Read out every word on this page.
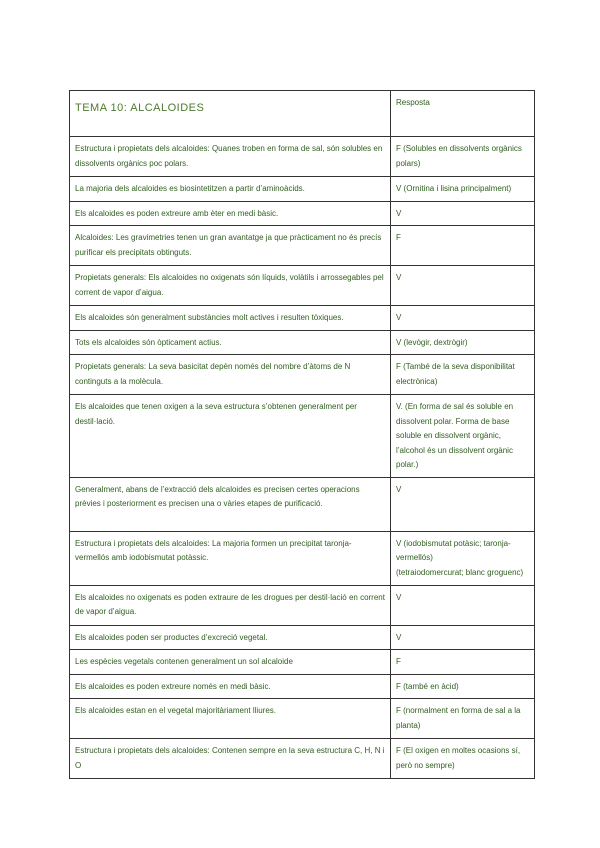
TEMA 10: ALCALOIDES	Resposta
Estructura i propietats dels alcaloides: Quanes troben en forma de sal, són solubles en dissolvents orgànics poc polars.	F (Solubles en dissolvents orgànics polars)
La majoria dels alcaloides es biosintetitzen a partir d’aminoàcids.	V (Ornitina i lisina principalment)
Els alcaloides es poden extreure amb èter en medi bàsic.	V
Alcaloides: Les gravimetries tenen un gran avantatge ja que pràcticament no és precís purificar els precipitats obtinguts.	F
Propietats generals: Els alcaloides no oxigenats són líquids, volàtils i arrossegables pel corrent de vapor d’aigua.	V
Els alcaloides són generalment substàncies molt actives i resulten tòxiques.	V
Tots els alcaloides són òpticament actius.	V (levògir, dextrògir)
Propietats generals: La seva basicitat depèn només del nombre d’àtoms de N continguts a la molècula.	F (També de la seva disponibilitat electrònica)
Els alcaloides que tenen oxigen a la seva estructura s’obtenen generalment per destil·lació.	V. (En forma de sal és soluble en dissolvent polar. Forma de base soluble en dissolvent orgànic, l’alcohol és un dissolvent orgànic polar.)
Generalment, abans de l’extracció dels alcaloides es precisen certes operacions prèvies i posteriorment es precisen una o vàries etapes de purificació.	V
Estructura i propietats dels alcaloides: La majoria formen un precipitat taronja-vermellós amb iodobismutat potàssic.	V (iodobismutat potàsic; taronja-vermellós)
(tetraiodomercurat; blanc groguenc)
Els alcaloides no oxigenats es poden extraure de les drogues per destil·lació en corrent de vapor d’aigua.	V
Els alcaloides poden ser productes d’excreció vegetal.	V
Les espècies vegetals contenen generalment un sol alcaloide	F
Els alcaloides es poden extreure només en medi bàsic.	F (també en àcid)
Els alcaloides estan en el vegetal majoritàriament lliures.	F (normalment en forma de sal a la planta)
Estructura i propietats dels alcaloides: Contenen sempre en la seva estructura C, H, N i O	F (El oxigen en moltes ocasions sí, però no sempre)
